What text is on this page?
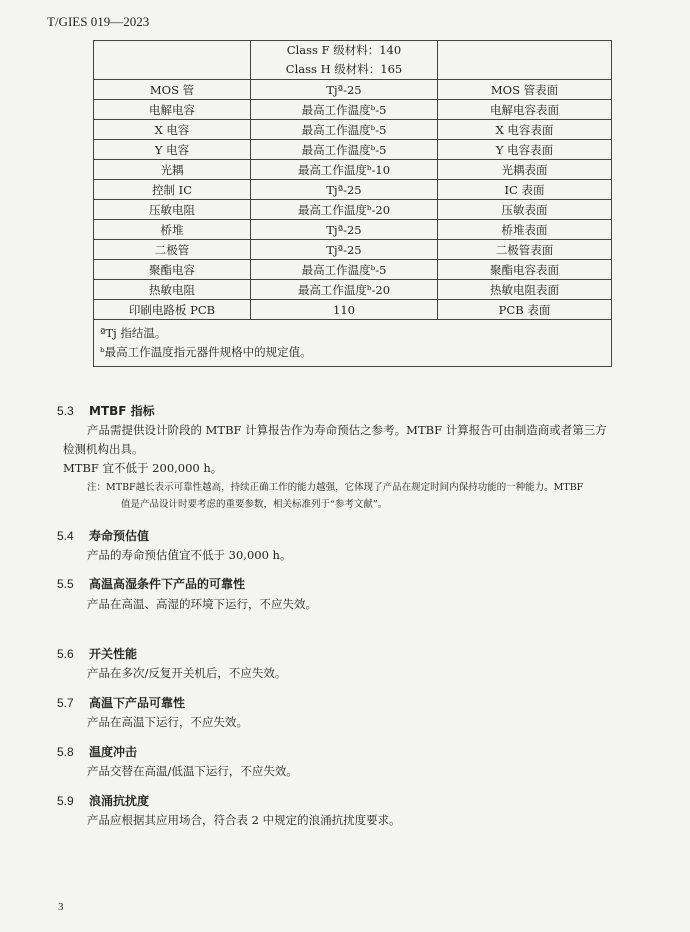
T/GIES 019—2023

	Class F 级材料：140
Class H 级材料：165	

MOS 管	Tjª-25	MOS 管表面
电解电容	最高工作温度ᵇ-5	电解电容表面
X 电容	最高工作温度ᵇ-5	X 电容表面
Y 电容	最高工作温度ᵇ-5	Y 电容表面
光耦	最高工作温度ᵇ-10	光耦表面
控制 IC	Tjª-25	IC 表面
压敏电阻	最高工作温度ᵇ-20	压敏表面
桥堆	Tjª-25	桥堆表面
二极管	Tjª-25	二极管表面
聚酯电容	最高工作温度ᵇ-5	聚酯电容表面
热敏电阻	最高工作温度ᵇ-20	热敏电阻表面
印刷电路板 PCB	110	PCB 表面

ªTj 指结温。
ᵇ最高工作温度指元器件规格中的规定值。		
5.3 MTBF 指标
产品需提供设计阶段的 MTBF 计算报告作为寿命预估之参考。MTBF 计算报告可由制造商或者第三方
检测机构出具。
MTBF 宜不低于 200,000 h。
注：MTBF越长表示可靠性越高，持续正确工作的能力越强，它体现了产品在规定时间内保持功能的一种能力。MTBF
值是产品设计时要考虑的重要参数，相关标准列于“参考文献”。
5.4 寿命预估值
产品的寿命预估值宜不低于 30,000 h。
5.5 高温高湿条件下产品的可靠性
产品在高温、高湿的环境下运行，不应失效。
5.6 开关性能
产品在多次/反复开关机后，不应失效。
5.7 高温下产品可靠性
产品在高温下运行，不应失效。
5.8 温度冲击
产品交替在高温/低温下运行，不应失效。
5.9 浪涌抗扰度
产品应根据其应用场合，符合表 2 中规定的浪涌抗扰度要求。
3
